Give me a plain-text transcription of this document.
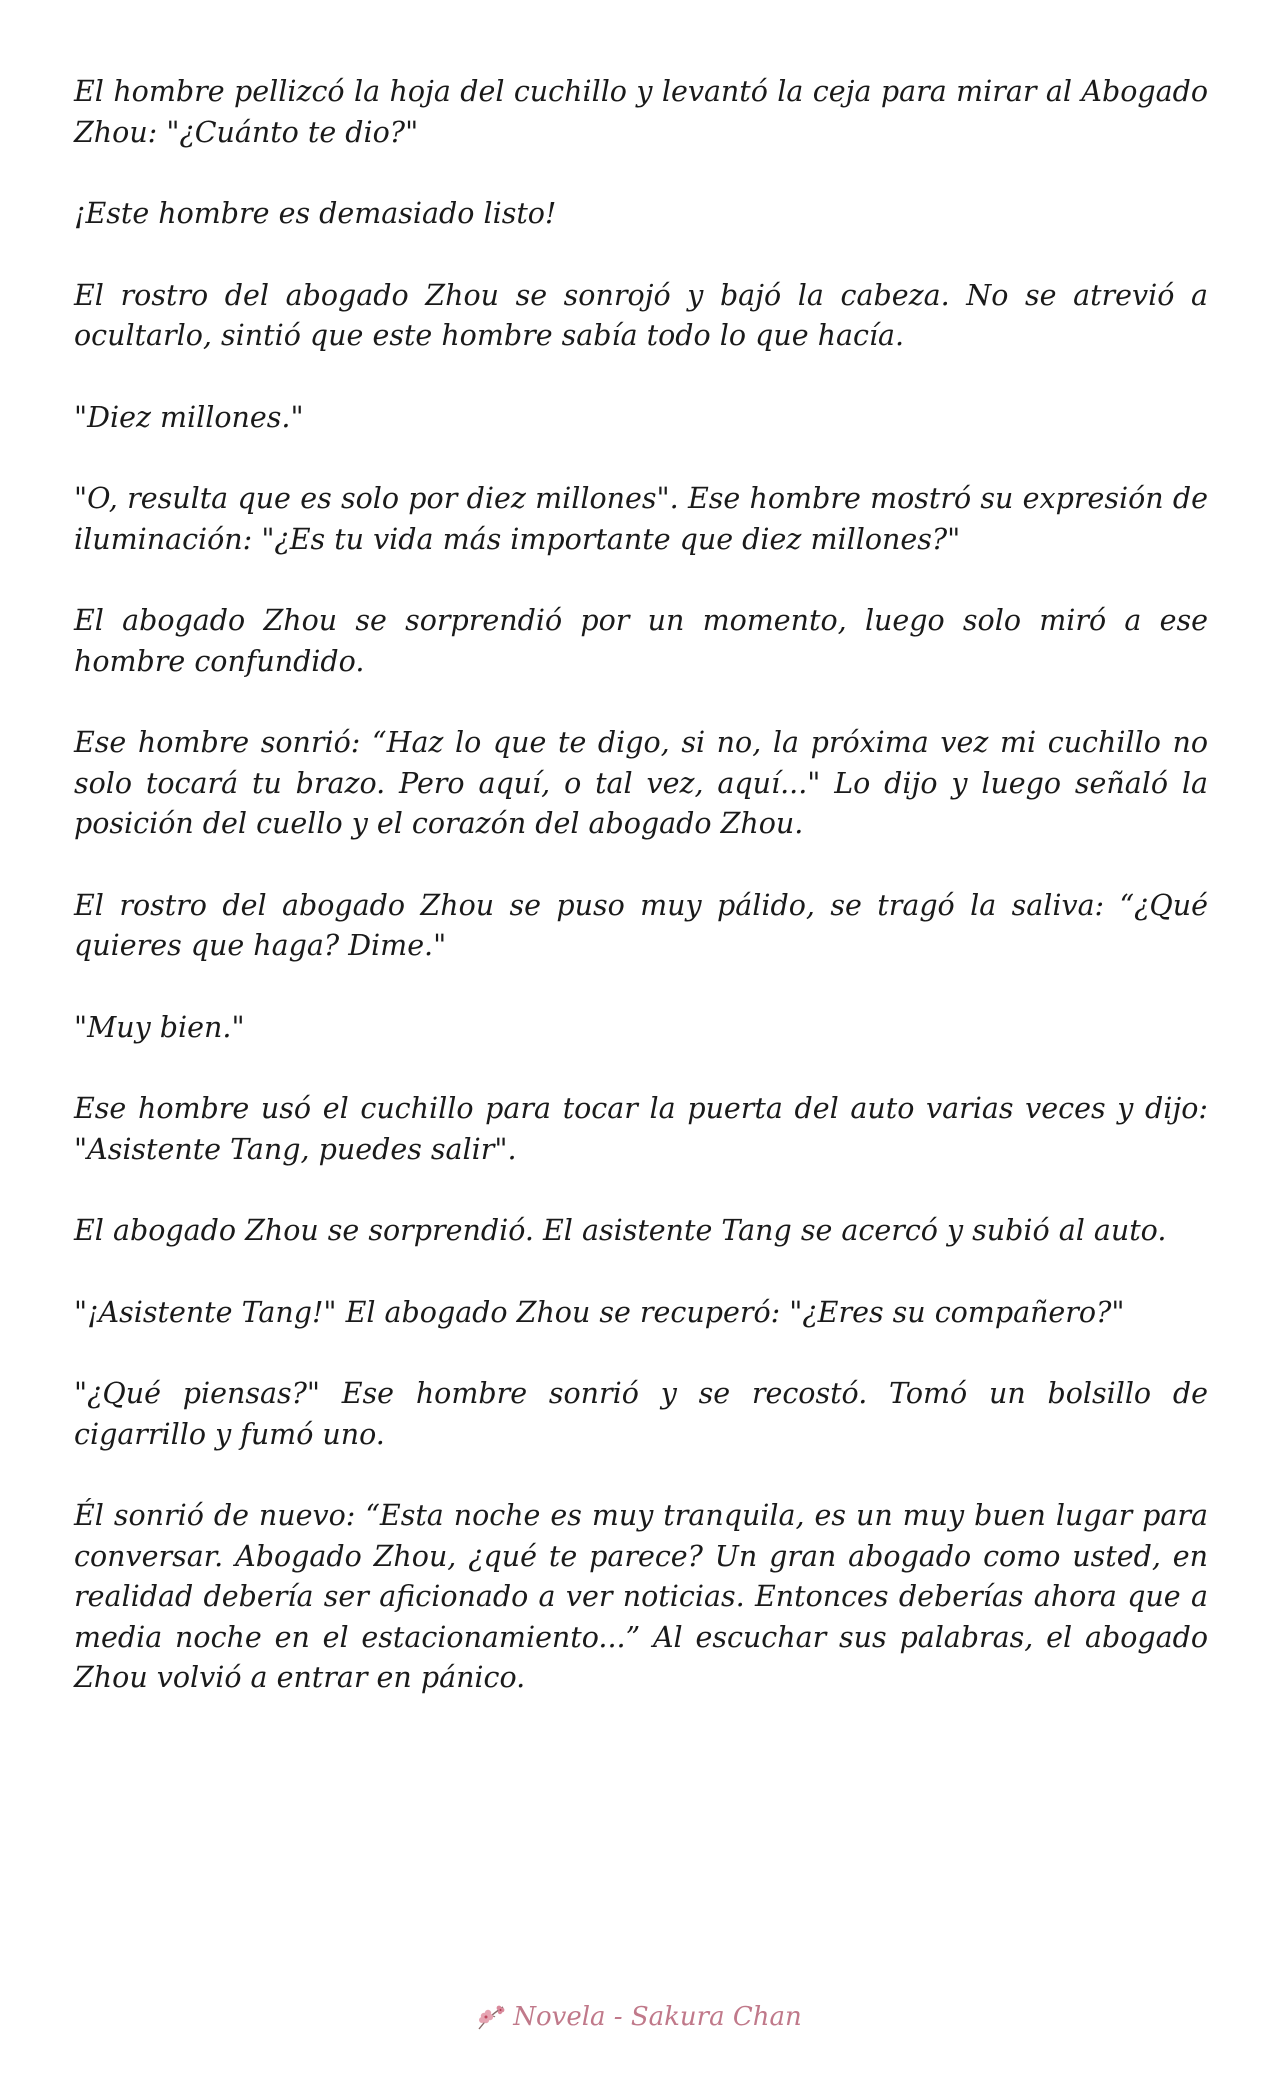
El hombre pellizcó la hoja del cuchillo y levantó la ceja para mirar al Abogado Zhou: "¿Cuánto te dio?"

¡Este hombre es demasiado listo!

El rostro del abogado Zhou se sonrojó y bajó la cabeza. No se atrevió a ocultarlo, sintió que este hombre sabía todo lo que hacía.

"Diez millones."

"O, resulta que es solo por diez millones". Ese hombre mostró su expresión de iluminación: "¿Es tu vida más importante que diez millones?"

El abogado Zhou se sorprendió por un momento, luego solo miró a ese hombre confundido.

Ese hombre sonrió: “Haz lo que te digo, si no, la próxima vez mi cuchillo no solo tocará tu brazo. Pero aquí, o tal vez, aquí..." Lo dijo y luego señaló la posición del cuello y el corazón del abogado Zhou.

El rostro del abogado Zhou se puso muy pálido, se tragó la saliva: “¿Qué quieres que haga? Dime."

"Muy bien."

Ese hombre usó el cuchillo para tocar la puerta del auto varias veces y dijo: "Asistente Tang, puedes salir".

El abogado Zhou se sorprendió. El asistente Tang se acercó y subió al auto.

"¡Asistente Tang!" El abogado Zhou se recuperó: "¿Eres su compañero?"

"¿Qué piensas?" Ese hombre sonrió y se recostó. Tomó un bolsillo de cigarrillo y fumó uno.

Él sonrió de nuevo: “Esta noche es muy tranquila, es un muy buen lugar para conversar. Abogado Zhou, ¿qué te parece? Un gran abogado como usted, en realidad debería ser aficionado a ver noticias. Entonces deberías ahora que a media noche en el estacionamiento...” Al escuchar sus palabras, el abogado Zhou volvió a entrar en pánico.

Novela - Sakura Chan
